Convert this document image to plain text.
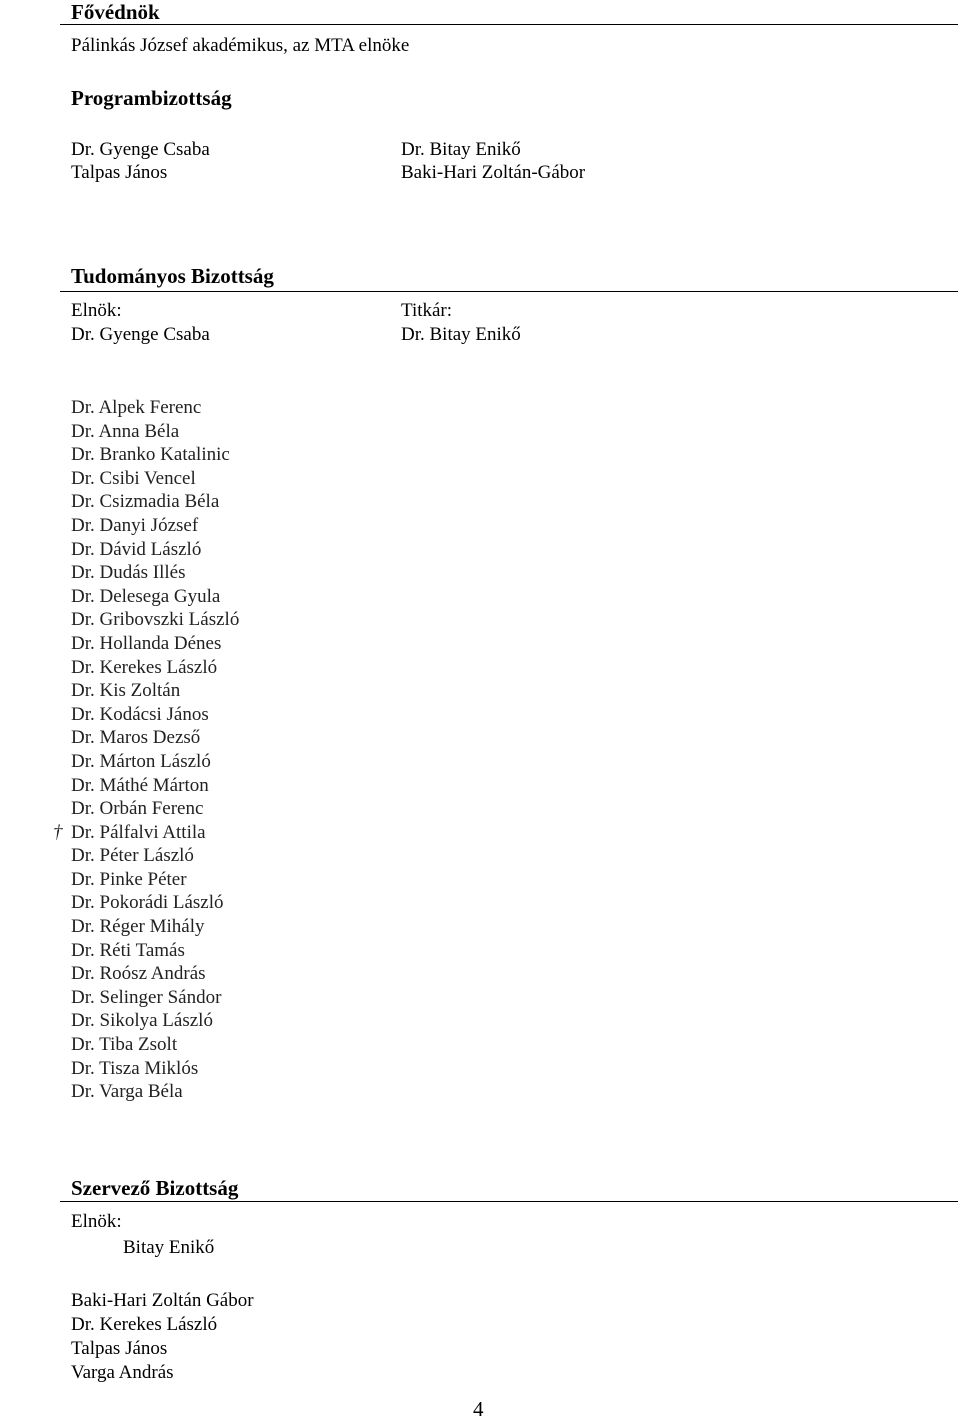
Fővédnök
Pálinkás József akadémikus, az MTA elnöke
Programbizottság
Dr. Gyenge Csaba
Talpas János
Dr. Bitay Enikő
Baki-Hari Zoltán-Gábor
Tudományos Bizottság
Elnök:
Dr. Gyenge Csaba
Titkár:
Dr. Bitay Enikő
Dr. Alpek Ferenc
Dr. Anna Béla
Dr. Branko Katalinic
Dr. Csibi Vencel
Dr. Csizmadia Béla
Dr. Danyi József
Dr. Dávid László
Dr. Dudás Illés
Dr. Delesega Gyula
Dr. Gribovszki László
Dr. Hollanda Dénes
Dr. Kerekes László
Dr. Kis Zoltán
Dr. Kodácsi János
Dr. Maros Dezső
Dr. Márton László
Dr. Máthé Márton
Dr. Orbán Ferenc
† Dr. Pálfalvi Attila
Dr. Péter László
Dr. Pinke Péter
Dr. Pokorádi László
Dr. Réger Mihály
Dr. Réti Tamás
Dr. Roósz András
Dr. Selinger Sándor
Dr. Sikolya László
Dr. Tiba Zsolt
Dr. Tisza Miklós
Dr. Varga Béla
Szervező Bizottság
Elnök:
Bitay Enikő
Baki-Hari Zoltán Gábor
Dr. Kerekes László
Talpas János
Varga András
4
